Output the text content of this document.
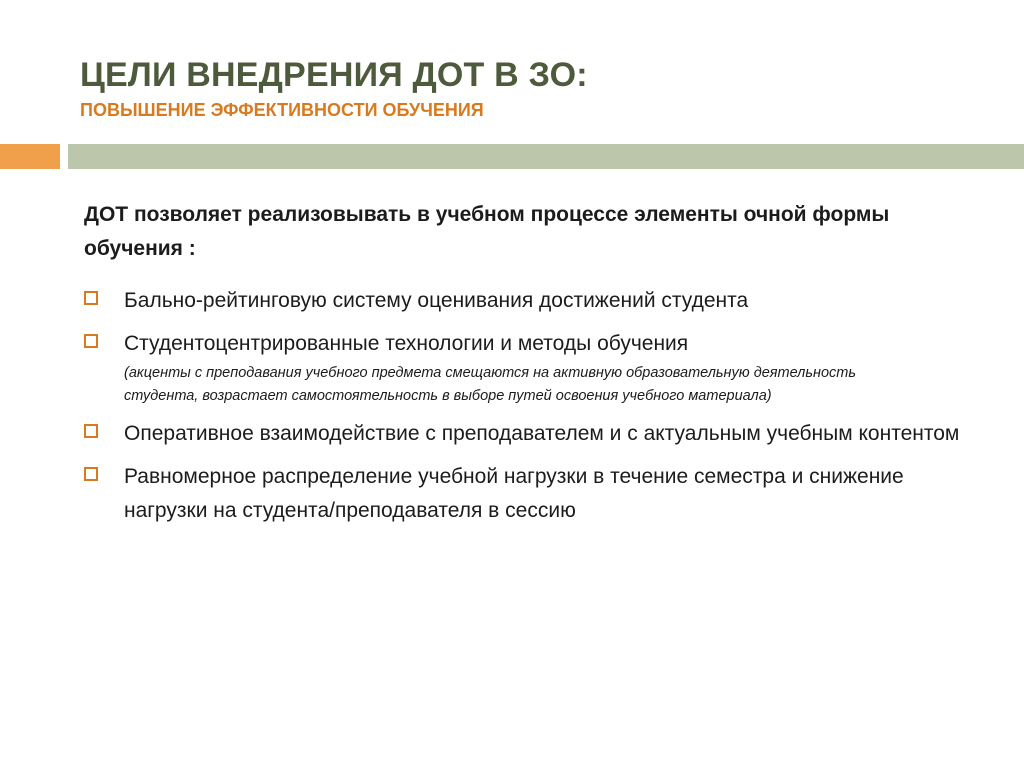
ЦЕЛИ ВНЕДРЕНИЯ ДОТ В ЗО:
ПОВЫШЕНИЕ ЭФФЕКТИВНОСТИ ОБУЧЕНИЯ
ДОТ позволяет реализовывать в учебном процессе элементы очной формы обучения :
Бально-рейтинговую систему оценивания достижений студента
Студентоцентрированные технологии и методы обучения
(акценты с преподавания учебного предмета смещаются на активную образовательную деятельность студента, возрастает самостоятельность в выборе путей освоения учебного материала)
Оперативное взаимодействие с преподавателем и с актуальным учебным контентом
Равномерное распределение учебной нагрузки в течение семестра и снижение нагрузки на студента/преподавателя в сессию
